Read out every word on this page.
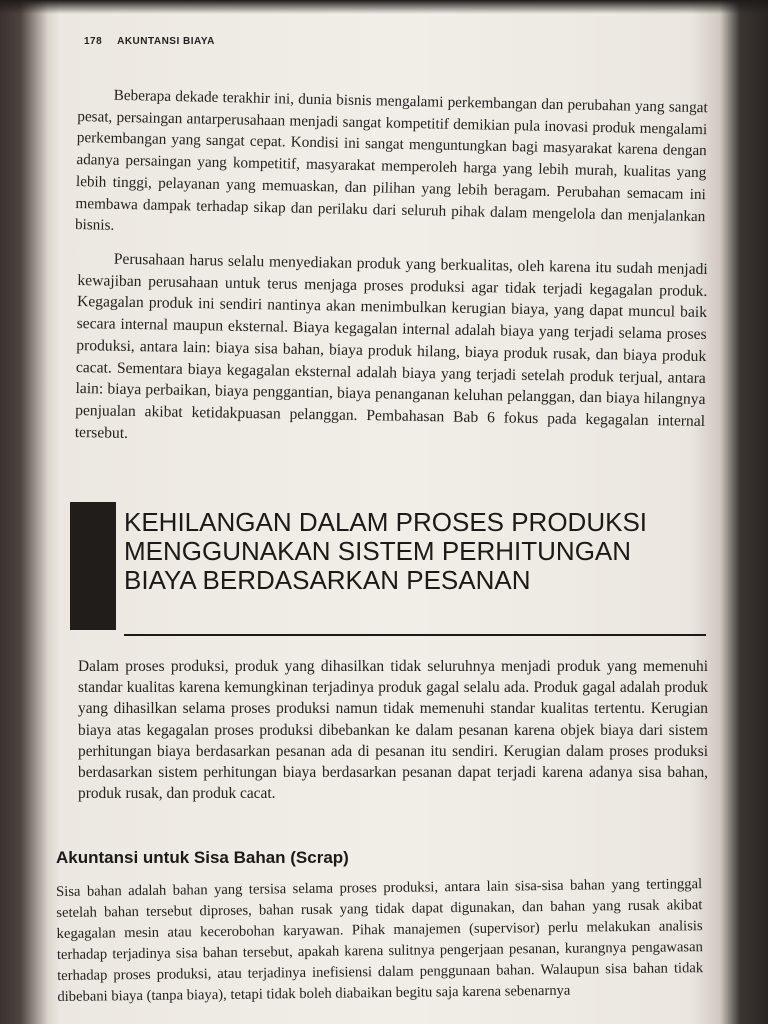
178 AKUNTANSI BIAYA

Beberapa dekade terakhir ini, dunia bisnis mengalami perkembangan dan perubahan yang sangat pesat, persaingan antarperusahaan menjadi sangat kompetitif demikian pula inovasi produk mengalami perkembangan yang sangat cepat. Kondisi ini sangat menguntungkan bagi masyarakat karena dengan adanya persaingan yang kompetitif, masyarakat memperoleh harga yang lebih murah, kualitas yang lebih tinggi, pelayanan yang memuaskan, dan pilihan yang lebih beragam. Perubahan semacam ini membawa dampak terhadap sikap dan perilaku dari seluruh pihak dalam mengelola dan menjalankan bisnis.

Perusahaan harus selalu menyediakan produk yang berkualitas, oleh karena itu sudah menjadi kewajiban perusahaan untuk terus menjaga proses produksi agar tidak terjadi kegagalan produk. Kegagalan produk ini sendiri nantinya akan menimbulkan kerugian biaya, yang dapat muncul baik secara internal maupun eksternal. Biaya kegagalan internal adalah biaya yang terjadi selama proses produksi, antara lain: biaya sisa bahan, biaya produk hilang, biaya produk rusak, dan biaya produk cacat. Sementara biaya kegagalan eksternal adalah biaya yang terjadi setelah produk terjual, antara lain: biaya perbaikan, biaya penggantian, biaya penanganan keluhan pelanggan, dan biaya hilangnya penjualan akibat ketidakpuasan pelanggan. Pembahasan Bab 6 fokus pada kegagalan internal tersebut.

KEHILANGAN DALAM PROSES PRODUKSI MENGGUNAKAN SISTEM PERHITUNGAN BIAYA BERDASARKAN PESANAN

Dalam proses produksi, produk yang dihasilkan tidak seluruhnya menjadi produk yang memenuhi standar kualitas karena kemungkinan terjadinya produk gagal selalu ada. Produk gagal adalah produk yang dihasilkan selama proses produksi namun tidak memenuhi standar kualitas tertentu. Kerugian biaya atas kegagalan proses produksi dibebankan ke dalam pesanan karena objek biaya dari sistem perhitungan biaya berdasarkan pesanan ada di pesanan itu sendiri. Kerugian dalam proses produksi berdasarkan sistem perhitungan biaya berdasarkan pesanan dapat terjadi karena adanya sisa bahan, produk rusak, dan produk cacat.

Akuntansi untuk Sisa Bahan (Scrap)

Sisa bahan adalah bahan yang tersisa selama proses produksi, antara lain sisa-sisa bahan yang tertinggal setelah bahan tersebut diproses, bahan rusak yang tidak dapat digunakan, dan bahan yang rusak akibat kegagalan mesin atau kecerobohan karyawan. Pihak manajemen (supervisor) perlu melakukan analisis terhadap terjadinya sisa bahan tersebut, apakah karena sulitnya pengerjaan pesanan, kurangnya pengawasan terhadap proses produksi, atau terjadinya inefisiensi dalam penggunaan bahan. Walaupun sisa bahan tidak dibebani biaya (tanpa biaya), tetapi tidak boleh diabaikan begitu saja karena sebenarnya
